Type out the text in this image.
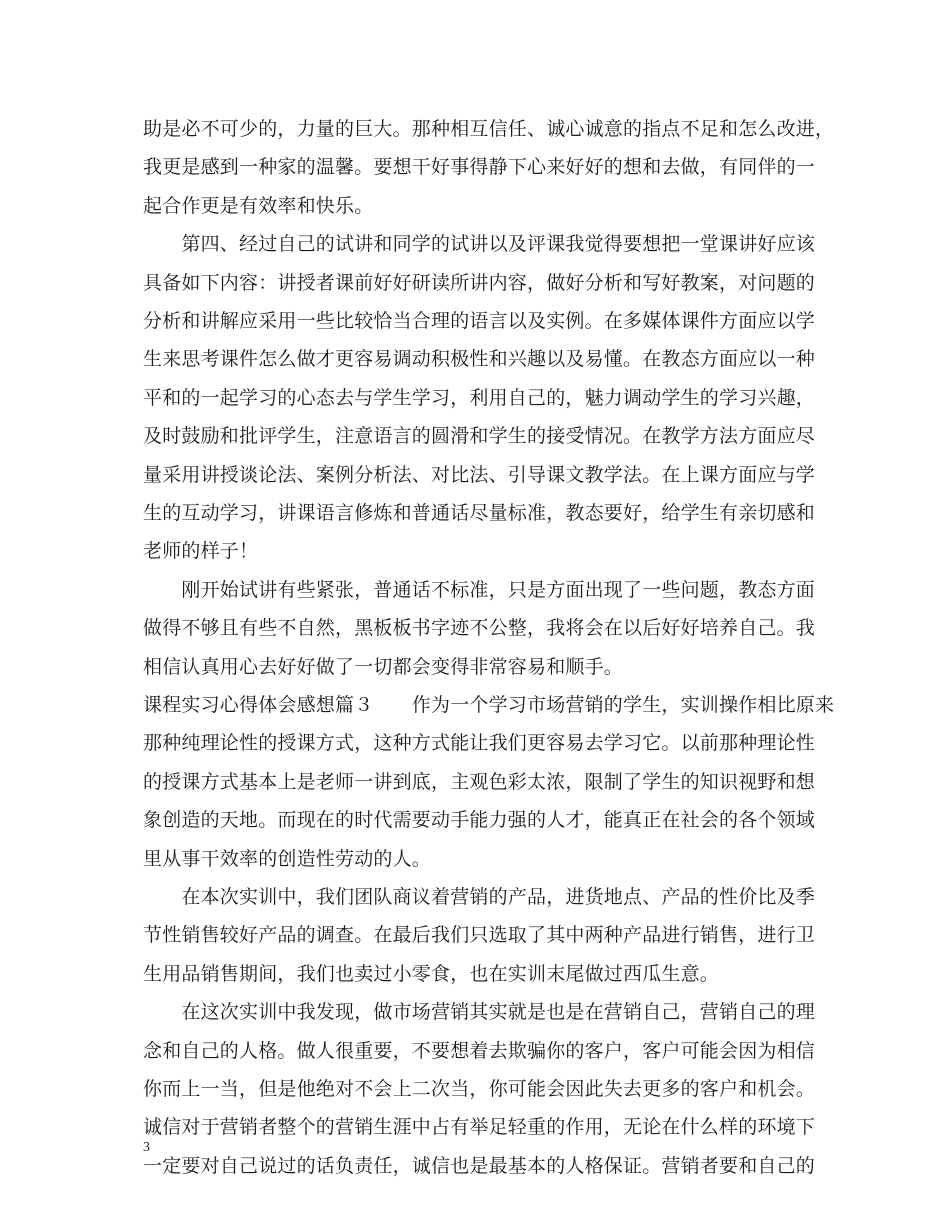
助是必不可少的，力量的巨大。那种相互信任、诚心诚意的指点不足和怎么改进，
我更是感到一种家的温馨。要想干好事得静下心来好好的想和去做，有同伴的一
起合作更是有效率和快乐。
　　第四、经过自己的试讲和同学的试讲以及评课我觉得要想把一堂课讲好应该
具备如下内容：讲授者课前好好研读所讲内容，做好分析和写好教案，对问题的
分析和讲解应采用一些比较恰当合理的语言以及实例。在多媒体课件方面应以学
生来思考课件怎么做才更容易调动积极性和兴趣以及易懂。在教态方面应以一种
平和的一起学习的心态去与学生学习，利用自己的，魅力调动学生的学习兴趣，
及时鼓励和批评学生，注意语言的圆滑和学生的接受情况。在教学方法方面应尽
量采用讲授谈论法、案例分析法、对比法、引导课文教学法。在上课方面应与学
生的互动学习，讲课语言修炼和普通话尽量标准，教态要好，给学生有亲切感和
老师的样子！
　　刚开始试讲有些紧张，普通话不标准，只是方面出现了一些问题，教态方面
做得不够且有些不自然，黑板板书字迹不公整，我将会在以后好好培养自己。我
相信认真用心去好好做了一切都会变得非常容易和顺手。
课程实习心得体会感想篇３　　作为一个学习市场营销的学生，实训操作相比原来
那种纯理论性的授课方式，这种方式能让我们更容易去学习它。以前那种理论性
的授课方式基本上是老师一讲到底，主观色彩太浓，限制了学生的知识视野和想
象创造的天地。而现在的时代需要动手能力强的人才，能真正在社会的各个领域
里从事干效率的创造性劳动的人。
　　在本次实训中，我们团队商议着营销的产品，进货地点、产品的性价比及季
节性销售较好产品的调查。在最后我们只选取了其中两种产品进行销售，进行卫
生用品销售期间，我们也卖过小零食，也在实训末尾做过西瓜生意。
　　在这次实训中我发现，做市场营销其实就是也是在营销自己，营销自己的理
念和自己的人格。做人很重要，不要想着去欺骗你的客户，客户可能会因为相信
你而上一当，但是他绝对不会上二次当，你可能会因此失去更多的客户和机会。
诚信对于营销者整个的营销生涯中占有举足轻重的作用，无论在什么样的环境下
一定要对自己说过的话负责任，诚信也是最基本的人格保证。营销者要和自己的
3
